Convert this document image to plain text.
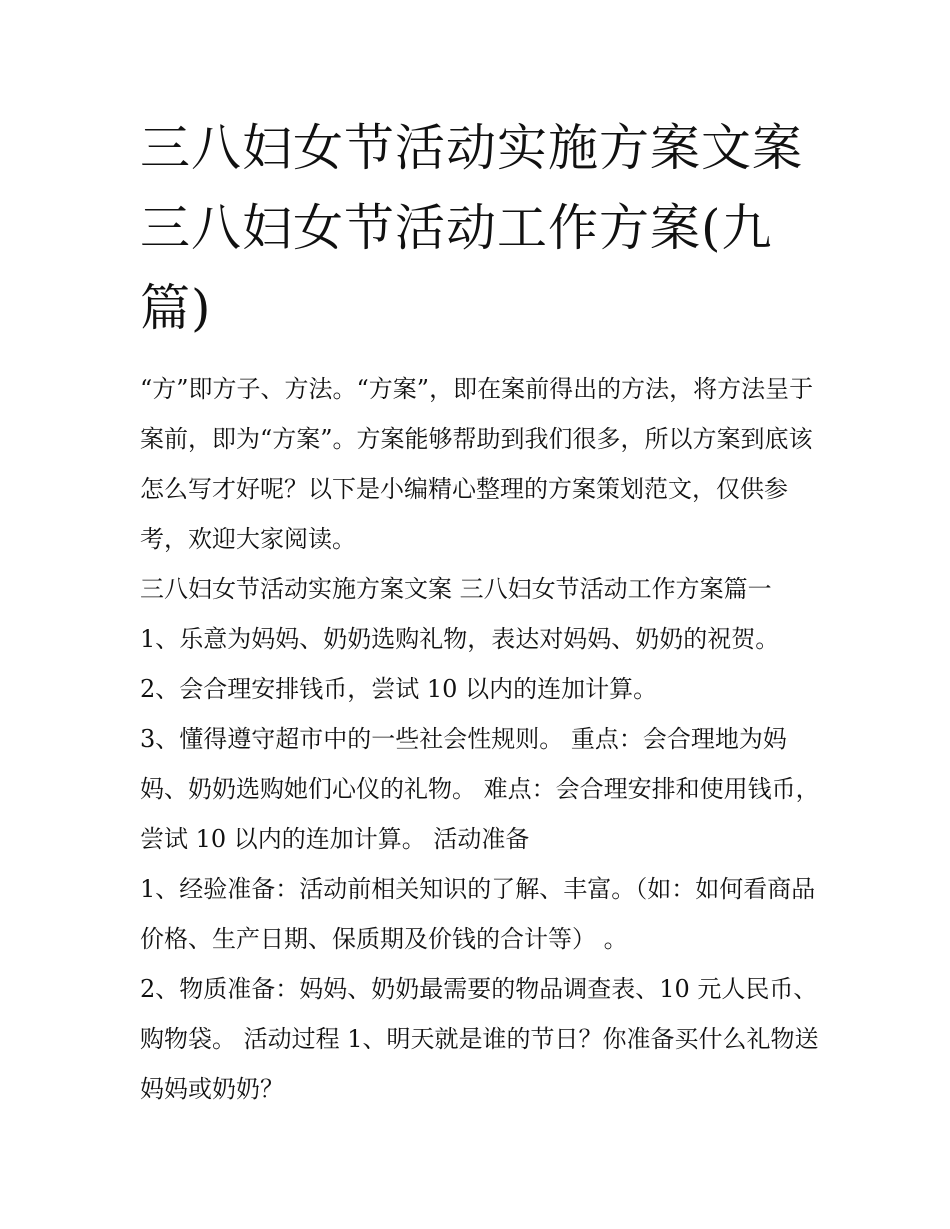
三八妇女节活动实施方案文案
三八妇女节活动工作方案(九
篇)

“方”即方子、方法。“方案”，即在案前得出的方法，将方法呈于案前，即为“方案”。方案能够帮助到我们很多，所以方案到底该怎么写才好呢？以下是小编精心整理的方案策划范文，仅供参考，欢迎大家阅读。

三八妇女节活动实施方案文案 三八妇女节活动工作方案篇一

1、乐意为妈妈、奶奶选购礼物，表达对妈妈、奶奶的祝贺。

2、会合理安排钱币，尝试 10 以内的连加计算。

3、懂得遵守超市中的一些社会性规则。 重点：会合理地为妈妈、奶奶选购她们心仪的礼物。 难点：会合理安排和使用钱币，尝试 10 以内的连加计算。 活动准备

1、经验准备：活动前相关知识的了解、丰富。（如：如何看商品价格、生产日期、保质期及价钱的合计等） 。

2、物质准备：妈妈、奶奶最需要的物品调查表、10 元人民币、购物袋。 活动过程 1、明天就是谁的节日？你准备买什么礼物送妈妈或奶奶？
